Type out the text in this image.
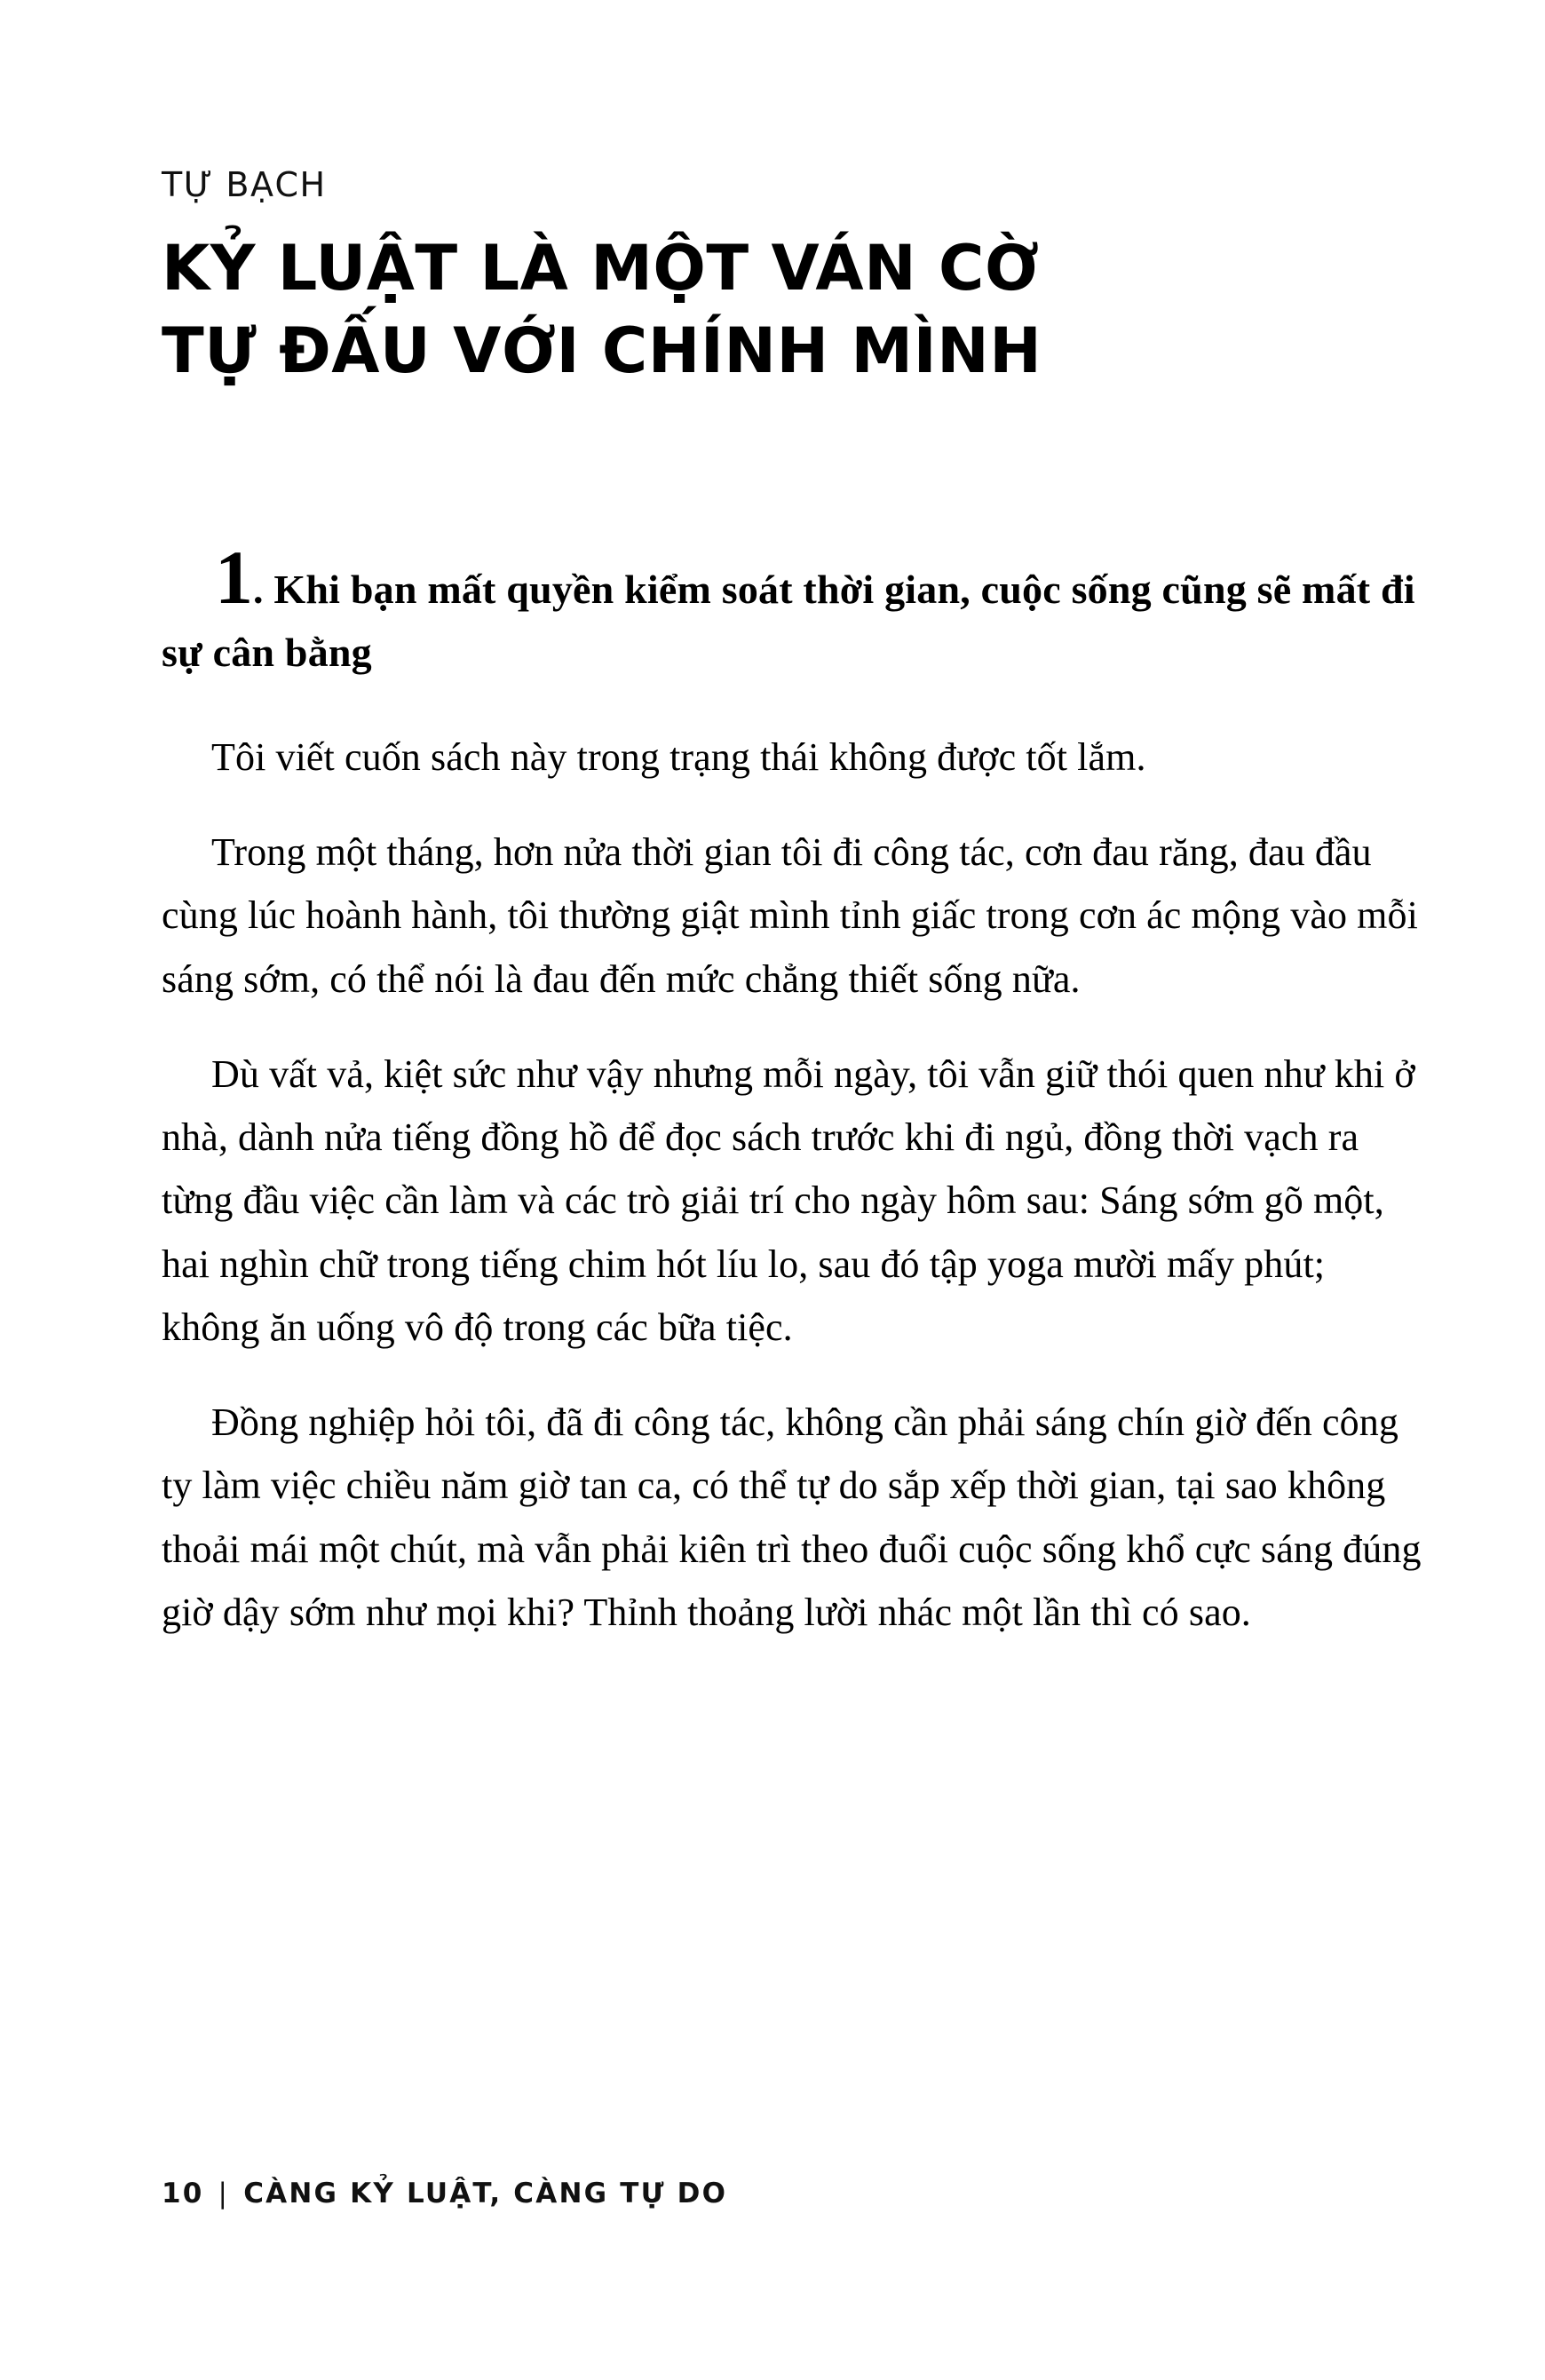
TỰ BẠCH
KỶ LUẬT LÀ MỘT VÁN CỜ
TỰ ĐẤU VỚI CHÍNH MÌNH
1. Khi bạn mất quyền kiểm soát thời gian, cuộc sống cũng sẽ mất đi sự cân bằng

Tôi viết cuốn sách này trong trạng thái không được tốt lắm.

Trong một tháng, hơn nửa thời gian tôi đi công tác, cơn đau răng, đau đầu cùng lúc hoành hành, tôi thường giật mình tỉnh giấc trong cơn ác mộng vào mỗi sáng sớm, có thể nói là đau đến mức chẳng thiết sống nữa.

Dù vất vả, kiệt sức như vậy nhưng mỗi ngày, tôi vẫn giữ thói quen như khi ở nhà, dành nửa tiếng đồng hồ để đọc sách trước khi đi ngủ, đồng thời vạch ra từng đầu việc cần làm và các trò giải trí cho ngày hôm sau: Sáng sớm gõ một, hai nghìn chữ trong tiếng chim hót líu lo, sau đó tập yoga mười mấy phút; không ăn uống vô độ trong các bữa tiệc.

Đồng nghiệp hỏi tôi, đã đi công tác, không cần phải sáng chín giờ đến công ty làm việc chiều năm giờ tan ca, có thể tự do sắp xếp thời gian, tại sao không thoải mái một chút, mà vẫn phải kiên trì theo đuổi cuộc sống khổ cực sáng đúng giờ dậy sớm như mọi khi? Thỉnh thoảng lười nhác một lần thì có sao.

10 | CÀNG KỶ LUẬT, CÀNG TỰ DO
